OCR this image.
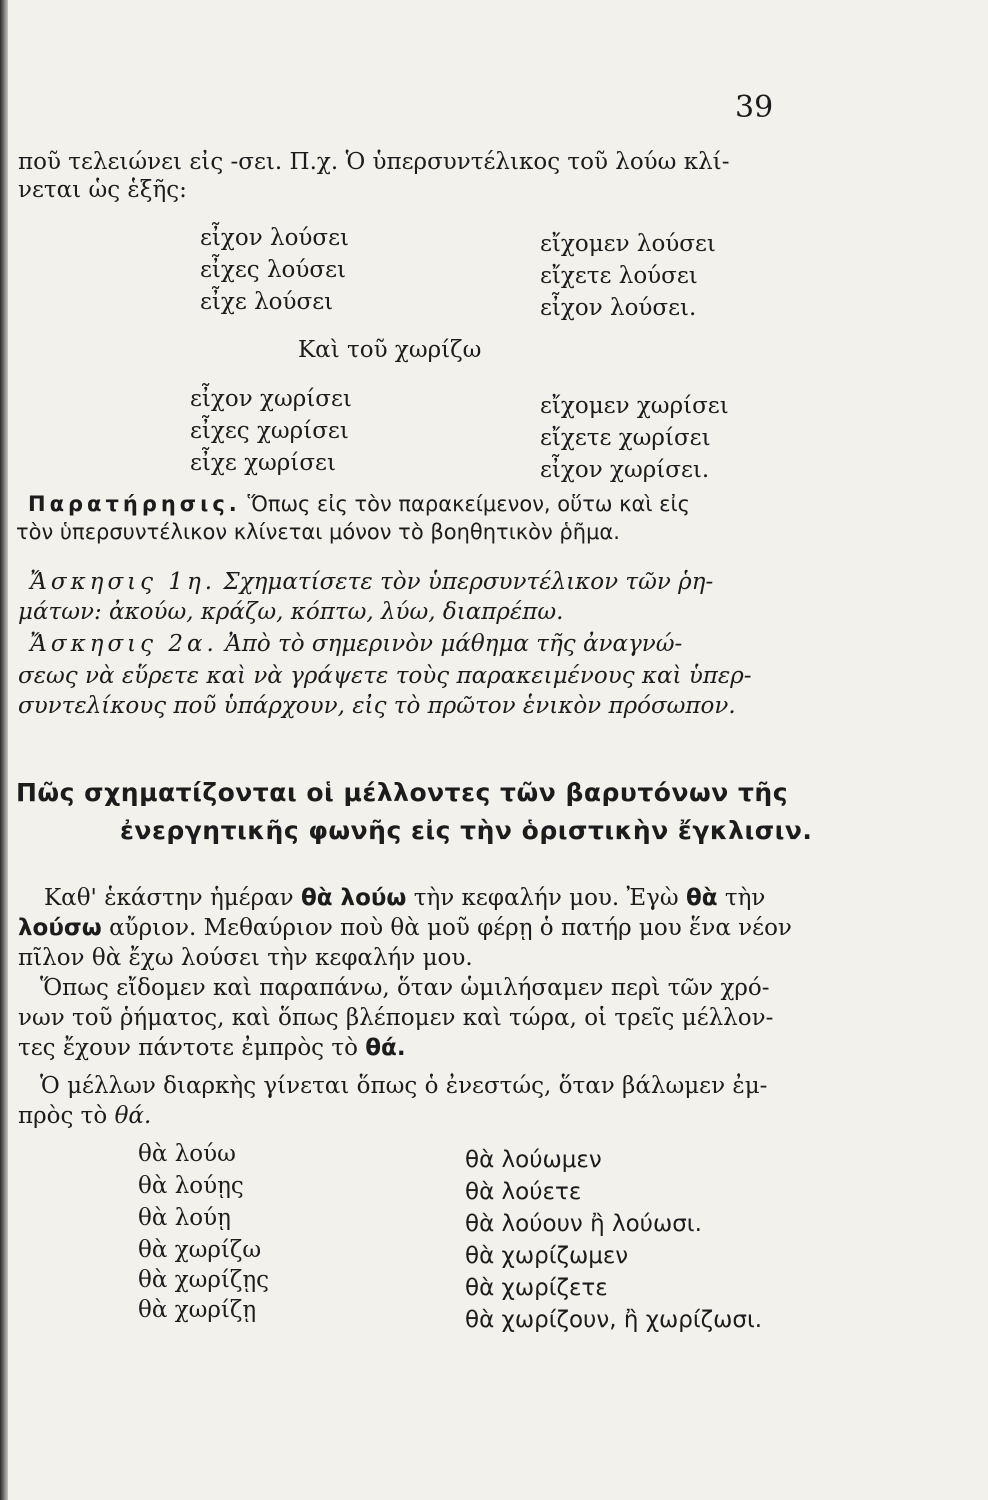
39
ποῦ τελειώνει εἰς -σει. Π.χ. Ὁ ὑπερσυντέλικος τοῦ λούω κλί-
νεται ὡς ἑξῆς:
εἶχον λούσει
εἶχες λούσει
εἶχε λούσει
εἴχομεν λούσει
εἴχετε λούσει
εἶχον λούσει.
Καὶ τοῦ χωρίζω
εἶχον χωρίσει
εἶχες χωρίσει
εἶχε χωρίσει
εἴχομεν χωρίσει
εἴχετε χωρίσει
εἶχον χωρίσει.
Παρατήρησις. Ὅπως εἰς τὸν παρακείμενον, οὕτω καὶ εἰς
τὸν ὑπερσυντέλικον κλίνεται μόνον τὸ βοηθητικὸν ῥῆμα.
Ἄσκησις 1η. Σχηματίσετε τὸν ὑπερσυντέλικον τῶν ῥη-
μάτων: ἀκούω, κράζω, κόπτω, λύω, διαπρέπω.
Ἄσκησις 2α. Ἀπὸ τὸ σημερινὸν μάθημα τῆς ἀναγνώ-
σεως νὰ εὕρετε καὶ νὰ γράψετε τοὺς παρακειμένους καὶ ὑπερ-
συντελίκους ποῦ ὑπάρχουν, εἰς τὸ πρῶτον ἑνικὸν πρόσωπον.
Πῶς σχηματίζονται οἱ μέλλοντες τῶν βαρυτόνων τῆς
ἐνεργητικῆς φωνῆς εἰς τὴν ὁριστικὴν ἔγκλισιν.
Καθ' ἑκάστην ἡμέραν θὰ λούω τὴν κεφαλήν μου. Ἐγὼ θὰ τὴν
λούσω αὔριον. Μεθαύριον ποὺ θὰ μοῦ φέρῃ ὁ πατήρ μου ἕνα νέον
πῖλον θὰ ἔχω λούσει τὴν κεφαλήν μου.
Ὅπως εἴδομεν καὶ παραπάνω, ὅταν ὡμιλήσαμεν περὶ τῶν χρό-
νων τοῦ ῥήματος, καὶ ὅπως βλέπομεν καὶ τώρα, οἱ τρεῖς μέλλον-
τες ἔχουν πάντοτε ἐμπρὸς τὸ θά.
Ὁ μέλλων διαρκὴς γίνεται ὅπως ὁ ἐνεστώς, ὅταν βάλωμεν ἐμ-
πρὸς τὸ θά.
θὰ λούω
θὰ λούῃς
θὰ λούῃ
θὰ χωρίζω
θὰ χωρίζῃς
θὰ χωρίζῃ
θὰ λούωμεν
θὰ λούετε
θὰ λούουν ἢ λούωσι.
θὰ χωρίζωμεν
θὰ χωρίζετε
θὰ χωρίζουν, ἢ χωρίζωσι.
